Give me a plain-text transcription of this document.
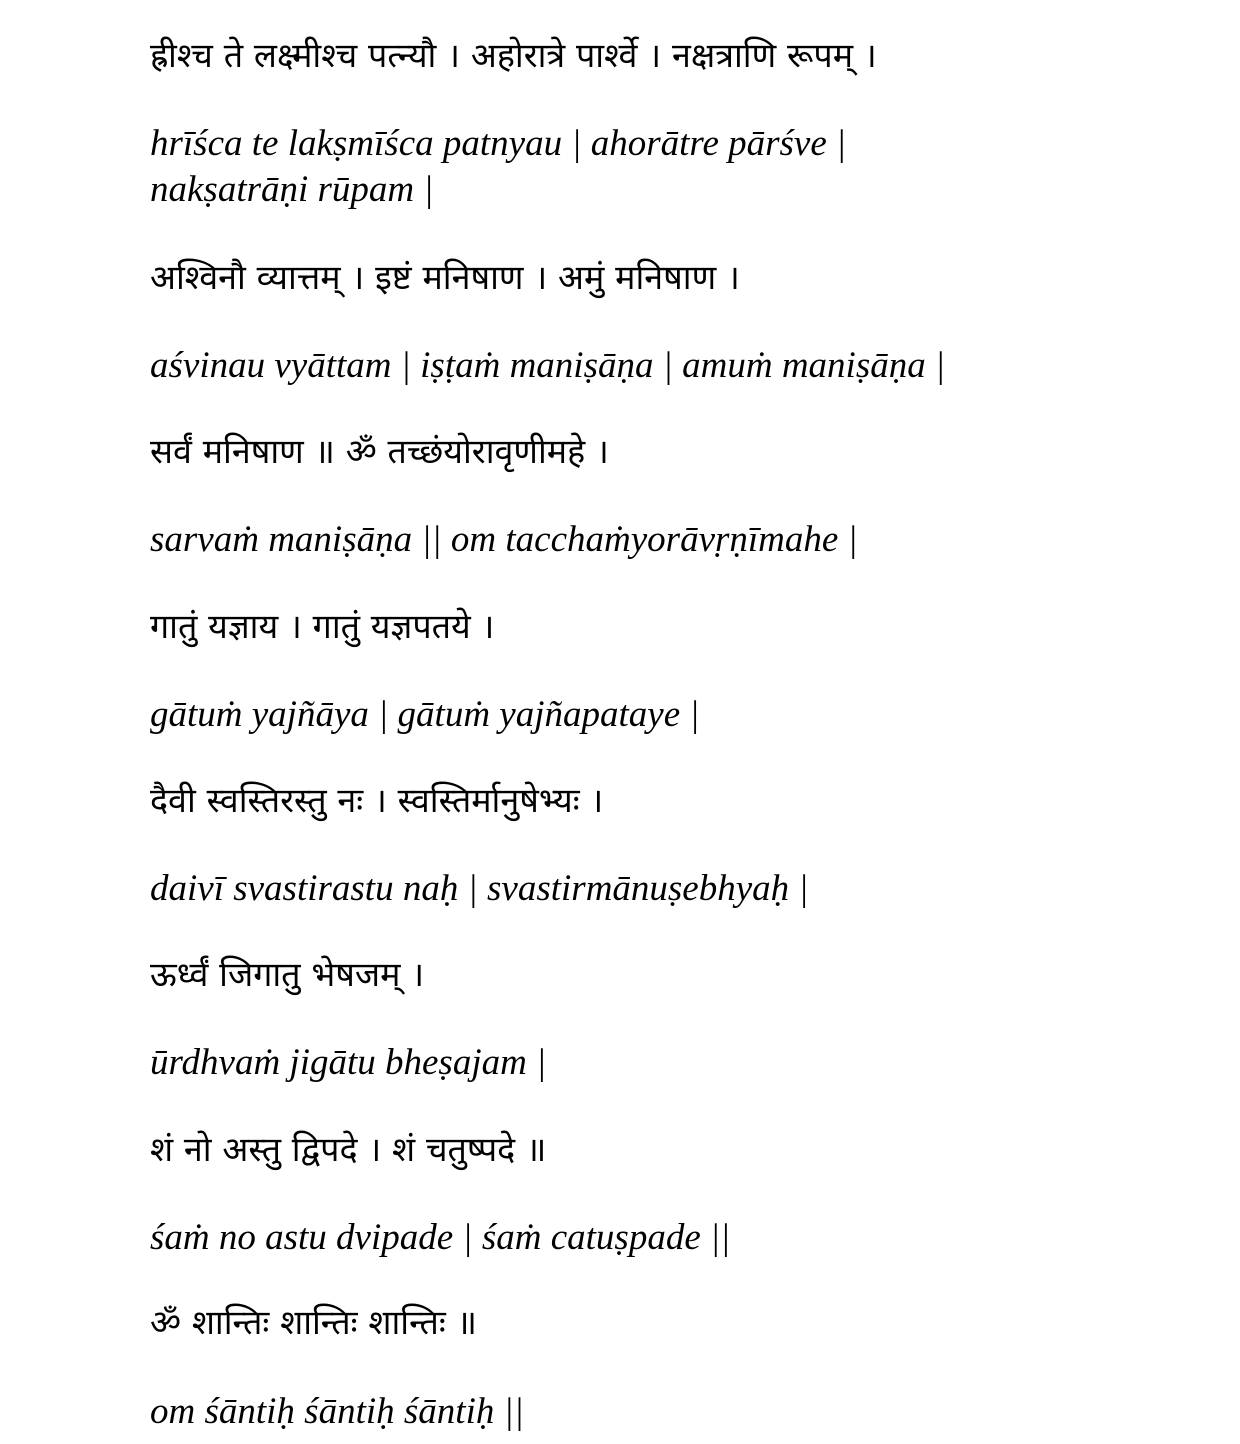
ह्रीश्च ते लक्ष्मीश्च पत्न्यौ । अहोरात्रे पार्श्वे । नक्षत्राणि रूपम् ।
hrīśca te lakṣmīśca patnyau | ahorātre pārśve | nakṣatrāṇi rūpam |
अश्विनौ व्यात्तम् । इष्टं मनिषाण । अमुं मनिषाण ।
aśvinau vyāttam | iṣṭaṁ maniṣāṇa | amuṁ maniṣāṇa |
सर्वं मनिषाण ॥ ॐ तच्छंयोरावृणीमहे ।
sarvaṁ maniṣāṇa || om tacchaṁyorāvṛṇīmahe |
गातुं यज्ञाय । गातुं यज्ञपतये ।
gātuṁ yajñāya | gātuṁ yajñapataye |
दैवी स्वस्तिरस्तु नः । स्वस्तिर्मानुषेभ्यः ।
daivī svastirastu naḥ | svastirmānuṣebhyaḥ |
ऊर्ध्वं जिगातु भेषजम् ।
ūrdhvaṁ jigātu bheṣajam |
शं नो अस्तु द्विपदे । शं चतुष्पदे ॥
śaṁ no astu dvipade | śaṁ catuṣpade ||
ॐ शान्तिः शान्तिः शान्तिः ॥
om śāntiḥ śāntiḥ śāntiḥ ||
